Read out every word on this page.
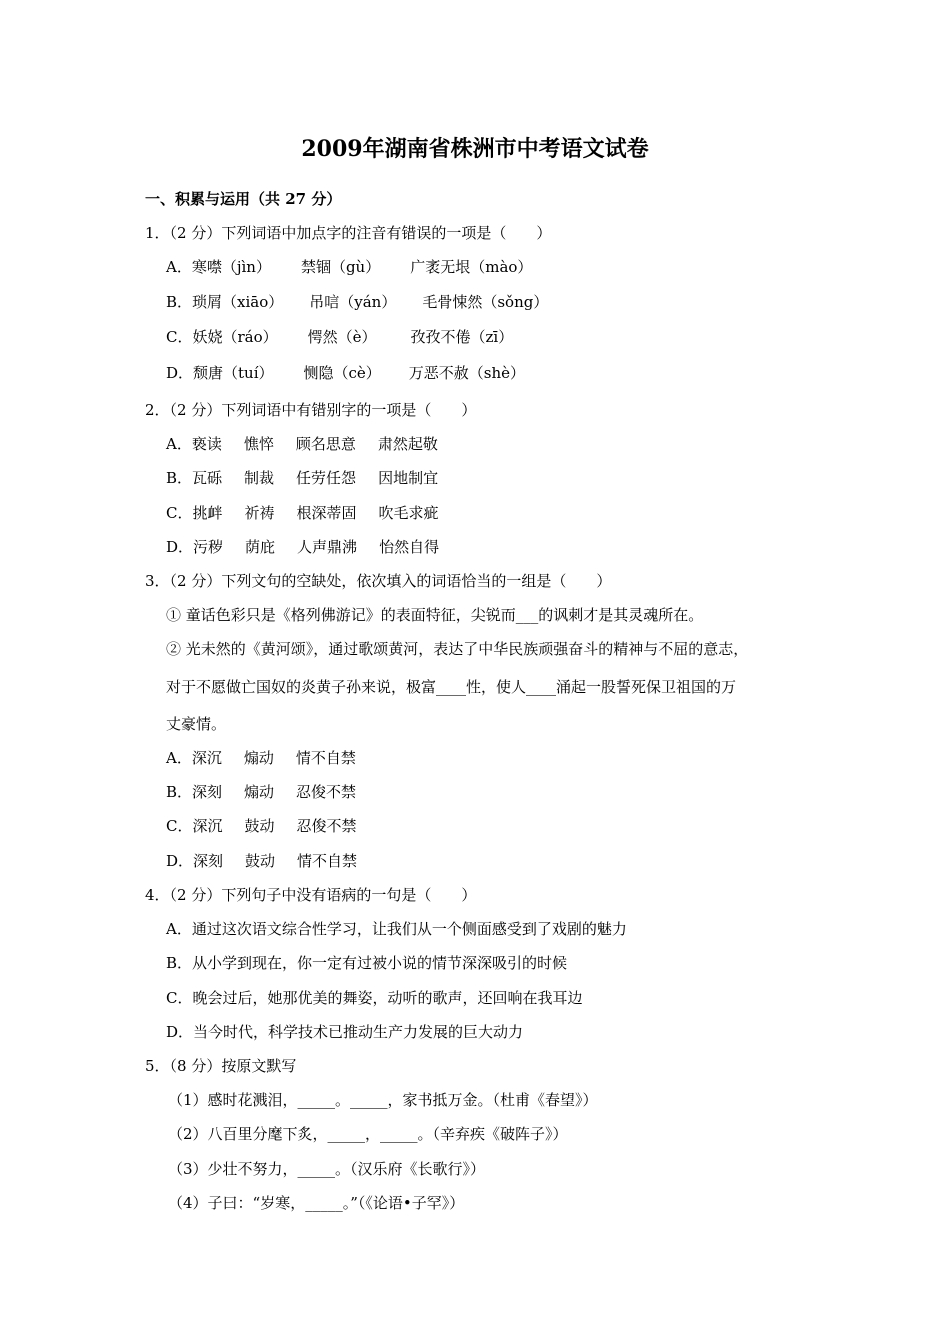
2009年湖南省株洲市中考语文试卷
一、积累与运用（共 27 分）
1．（2 分）下列词语中加点字的注音有错误的一项是（　　）
A．寒噤（jìn） 禁锢（gù） 广袤无垠（mào）
B．琐屑（xiāo） 吊唁（yán） 毛骨悚然（sǒng）
C．妖娆（ráo） 愕然（è） 孜孜不倦（zī）
D．颓唐（tuí） 恻隐（cè） 万恶不赦（shè）
2．（2 分）下列词语中有错别字的一项是（　　）
A．亵读 憔悴 顾名思意 肃然起敬
B．瓦砾 制裁 任劳任怨 因地制宜
C．挑衅 祈祷 根深蒂固 吹毛求疵
D．污秽 荫庇 人声鼎沸 怡然自得
3．（2 分）下列文句的空缺处，依次填入的词语恰当的一组是（　　）
① 童话色彩只是《格列佛游记》的表面特征，尖锐而___的讽刺才是其灵魂所在。
② 光未然的《黄河颂》，通过歌颂黄河，表达了中华民族顽强奋斗的精神与不屈的意志，
对于不愿做亡国奴的炎黄子孙来说，极富____性，使人____涌起一股誓死保卫祖国的万
丈豪情。
A．深沉 煽动 情不自禁
B．深刻 煽动 忍俊不禁
C．深沉 鼓动 忍俊不禁
D．深刻 鼓动 情不自禁
4．（2 分）下列句子中没有语病的一句是（　　）
A．通过这次语文综合性学习，让我们从一个侧面感受到了戏剧的魅力
B．从小学到现在，你一定有过被小说的情节深深吸引的时候
C．晚会过后，她那优美的舞姿，动听的歌声，还回响在我耳边
D．当今时代，科学技术已推动生产力发展的巨大动力
5．（8 分）按原文默写
（1）感时花溅泪，_____。_____，家书抵万金。（杜甫《春望》）
（2）八百里分麾下炙，_____，_____。（辛弃疾《破阵子》）
（3）少壮不努力，_____。（汉乐府《长歌行》）
（4）子曰：“岁寒，_____。”（《论语•子罕》）
